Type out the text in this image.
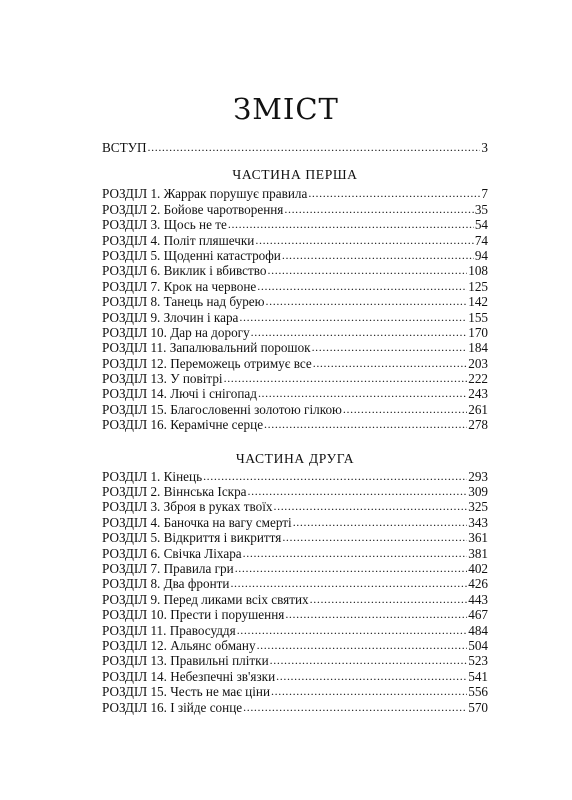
ЗМІСТ
ВСТУП .....	3
ЧАСТИНА ПЕРША
РОЗДІЛ 1. Жаррак порушує правила .....	7
РОЗДІЛ 2. Бойове чаротворення .....	35
РОЗДІЛ 3. Щось не те .....	54
РОЗДІЛ 4. Політ пляшечки .....	74
РОЗДІЛ 5. Щоденні катастрофи .....	94
РОЗДІЛ 6. Виклик і вбивство .....	108
РОЗДІЛ 7. Крок на червоне .....	125
РОЗДІЛ 8. Танець над бурею .....	142
РОЗДІЛ 9. Злочин і кара .....	155
РОЗДІЛ 10. Дар на дорогу .....	170
РОЗДІЛ 11. Запалювальний порошок .....	184
РОЗДІЛ 12. Переможець отримує все .....	203
РОЗДІЛ 13. У повітрі .....	222
РОЗДІЛ 14. Лючі і снігопад .....	243
РОЗДІЛ 15. Благословенні золотою гілкою .....	261
РОЗДІЛ 16. Керамічне серце .....	278
ЧАСТИНА ДРУГА
РОЗДІЛ 1. Кінець .....	293
РОЗДІЛ 2. Віннська Іскра .....	309
РОЗДІЛ 3. Зброя в руках твоїх .....	325
РОЗДІЛ 4. Баночка на вагу смерті .....	343
РОЗДІЛ 5. Відкриття і викриття .....	361
РОЗДІЛ 6. Свічка Ліхара .....	381
РОЗДІЛ 7. Правила гри .....	402
РОЗДІЛ 8. Два фронти .....	426
РОЗДІЛ 9. Перед ликами всіх святих .....	443
РОЗДІЛ 10. Прести і порушення .....	467
РОЗДІЛ 11. Правосуддя .....	484
РОЗДІЛ 12. Альянс обману .....	504
РОЗДІЛ 13. Правильні плітки .....	523
РОЗДІЛ 14. Небезпечні зв'язки .....	541
РОЗДІЛ 15. Честь не має ціни .....	556
РОЗДІЛ 16. І зійде сонце .....	570
